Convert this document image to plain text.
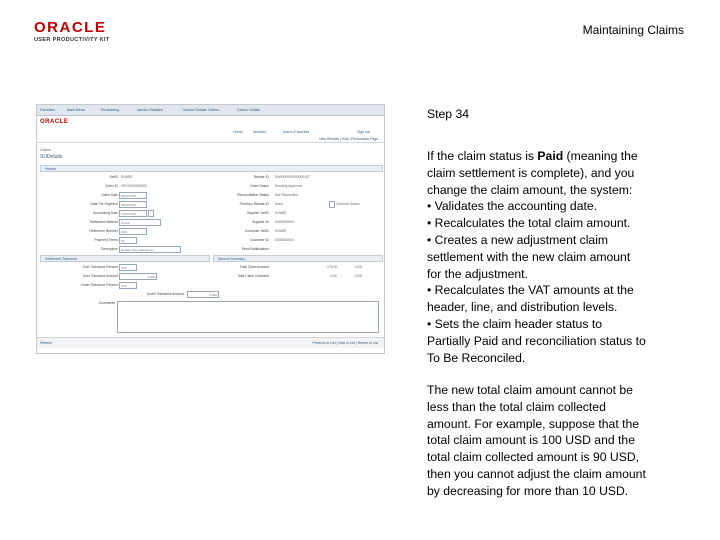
ORACLE
USER PRODUCTIVITY KIT
Maintaining Claims
Favorites	Main Menu	Purchasing	Vendor Rebates	Vendor Rebate Claims	Claims Details
ORACLE
Home	Worklist	Add to Favorites	Sign out
New Window | Help | Personalize Page
Claims
SUDetails
Header
SetID SHARE
Claim ID VRC0000000000
Claim Date 09/22/2009
Date For Payment 09/22/2009
Accounting Date 10/07/2009
Settlement Method Check
Reference Number 0001
Payment Terms 00
Description Rebate claim adjustment
Rebate ID RA0000000000000107
Claim Status Pending Approval
Reconciliation Status Not Reconciled
Previous Rebate ID None	Override Status
Supplier SetID SHARE
Supplier ID 0000000000
Customer SetID SHARE
Customer ID 0000000000
Send Notifications
Settlement Tolerance	Amount Summary
Over Tolerance Percent 0.00
Over Tolerance Amount	0.000
Under Tolerance Percent 0.00
Under Tolerance Amount	0.000
Comments
Total Claim Amount	175.00	USD
Total Claim Collected	0.00	USD
Refresh	Previous in List | Next in List | Return to List
Step 34
If the claim status is Paid (meaning the
claim settlement is complete), and you
change the claim amount, the system:
• Validates the accounting date.
• Recalculates the total claim amount.
• Creates a new adjustment claim
settlement with the new claim amount
for the adjustment.
• Recalculates the VAT amounts at the
header, line, and distribution levels.
• Sets the claim header status to
Partially Paid and reconciliation status to
To Be Reconciled.
The new total claim amount cannot be
less than the total claim collected
amount. For example, suppose that the
total claim amount is 100 USD and the
total claim collected amount is 90 USD,
then you cannot adjust the claim amount
by decreasing for more than 10 USD.
